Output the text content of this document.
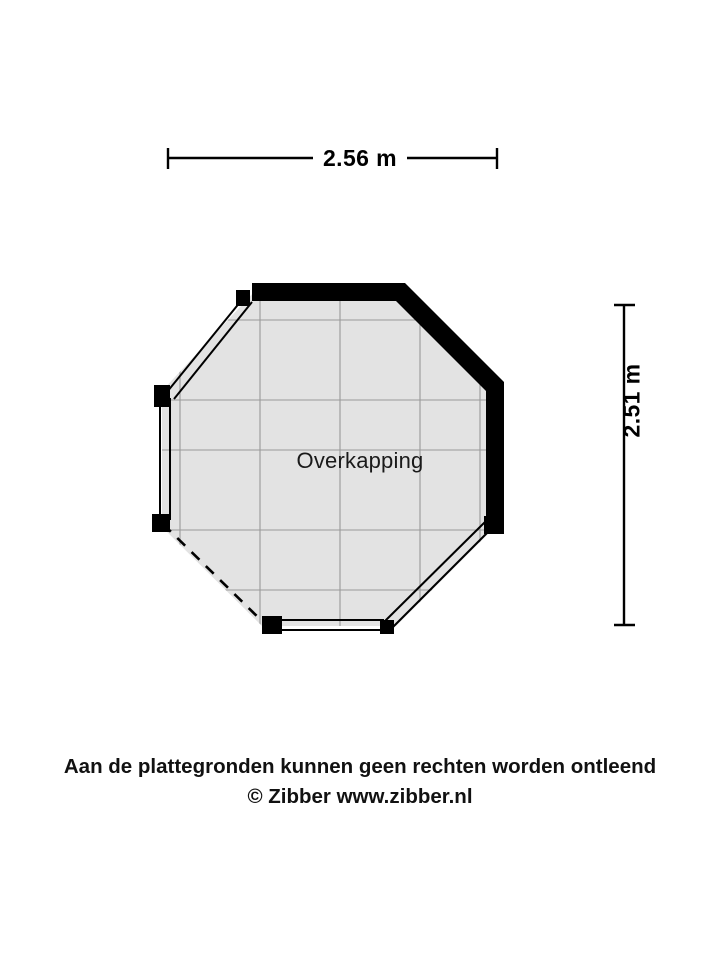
2.56 m
2.51 m
Overkapping
Aan de plattegronden kunnen geen rechten worden ontleend
© Zibber www.zibber.nl
